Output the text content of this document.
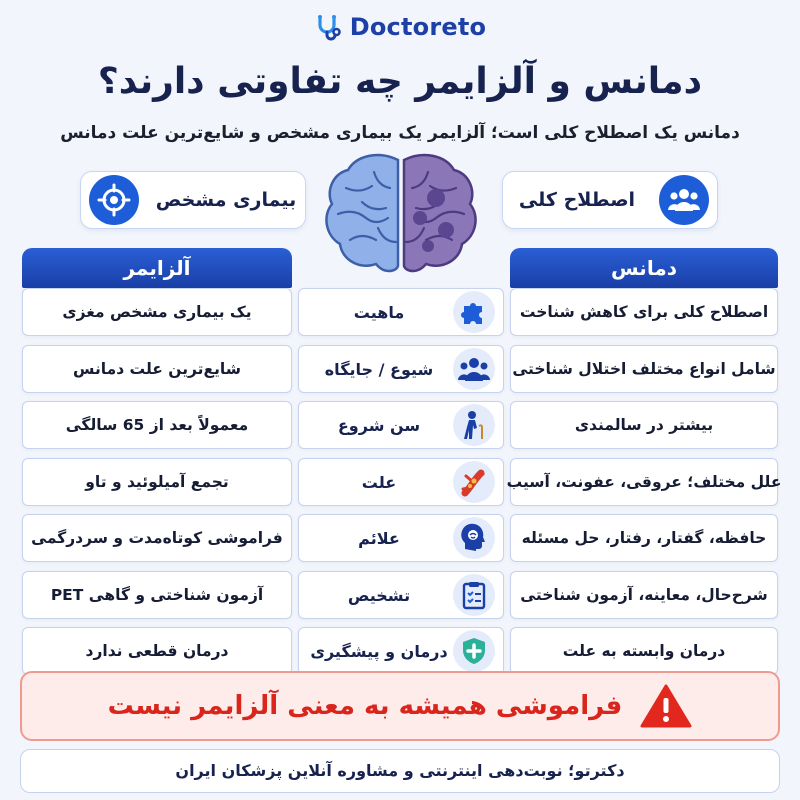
Doctoreto
دمانس و آلزایمر چه تفاوتی دارند؟
دمانس یک اصطلاح کلی است؛ آلزایمر یک بیماری مشخص و شایع‌ترین علت دمانس
اصطلاح کلی
بیماری مشخص
دمانس
آلزایمر
یک بیماری مشخص مغزی	ماهیت	اصطلاح کلی برای کاهش شناخت
شایع‌ترین علت دمانس	شیوع / جایگاه	شامل انواع مختلف اختلال شناختی
معمولاً بعد از 65 سالگی	سن شروع	بیشتر در سالمندی
تجمع آمیلوئید و تاو	علت	علل مختلف؛ عروقی، عفونت، آسیب
فراموشی کوتاه‌مدت و سردرگمی	علائم	حافظه، گفتار، رفتار، حل مسئله
آزمون شناختی و گاهی PET	تشخیص	شرح‌حال، معاینه، آزمون شناختی
درمان قطعی ندارد	درمان و پیشگیری	درمان وابسته به علت
فراموشی همیشه به معنی آلزایمر نیست
دکترتو؛ نوبت‌دهی اینترنتی و مشاوره آنلاین پزشکان ایران
